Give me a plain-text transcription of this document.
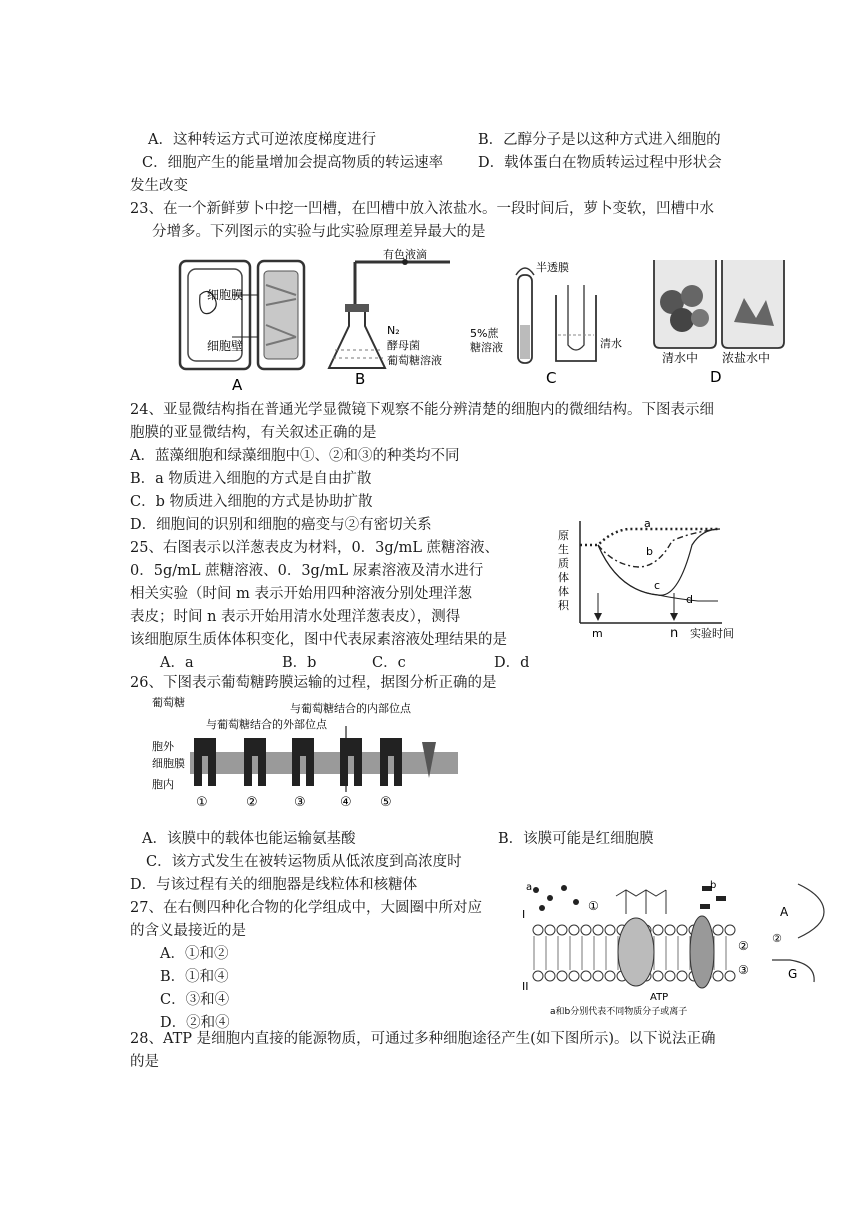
A．这种转运方式可逆浓度梯度进行	B．乙醇分子是以这种方式进入细胞的
C．细胞产生的能量增加会提高物质的转运速率 D．载体蛋白在物质转运过程中形状会
发生改变
23、在一个新鲜萝卜中挖一凹槽，在凹槽中放入浓盐水。一段时间后，萝卜变软，凹槽中水
分增多。下列图示的实验与此实验原理差异最大的是
细胞膜
细胞壁
A
有色液滴
N₂
酵母菌
葡萄糖溶液
B
半透膜
5%蔗
糖溶液	清水
C
清水中 浓盐水中
D
24、亚显微结构指在普通光学显微镜下观察不能分辨清楚的细胞内的微细结构。下图表示细
胞膜的亚显微结构，有关叙述正确的是
A．蓝藻细胞和绿藻细胞中①、②和③的种类均不同
B．a 物质进入细胞的方式是自由扩散
C．b 物质进入细胞的方式是协助扩散
D．细胞间的识别和细胞的癌变与②有密切关系
25、右图表示以洋葱表皮为材料，0．3g/mL 蔗糖溶液、
0．5g/mL 蔗糖溶液、0．3g/mL 尿素溶液及清水进行
相关实验（时间 m 表示开始用四种溶液分别处理洋葱
表皮；时间 n 表示开始用清水处理洋葱表皮），测得
该细胞原生质体体积变化，图中代表尿素溶液处理结果的是
A．a	B．b	C．c	D．d
a
b
c
d
m	n 实验时间
原
生
质
体
体
积
26、下图表示葡萄糖跨膜运输的过程，据图分析正确的是
葡萄糖	与葡萄糖结合的内部位点
与葡萄糖结合的外部位点
胞外
细胞膜
胞内
①	②	③	④ ⑤
A．该膜中的载体也能运输氨基酸	B．该膜可能是红细胞膜
C．该方式发生在被转运物质从低浓度到高浓度时
D．与该过程有关的细胞器是线粒体和核糖体
27、在右侧四种化合物的化学组成中，大圆圈中所对应
的含义最接近的是
A．①和②
B．①和④
C．③和④
D．②和④
I
a	b
①
②
③
II
ATP
a和b分别代表不同物质分子或离子
A
②
G
28、ATP 是细胞内直接的能源物质，可通过多种细胞途径产生(如下图所示)。以下说法正确
的是
